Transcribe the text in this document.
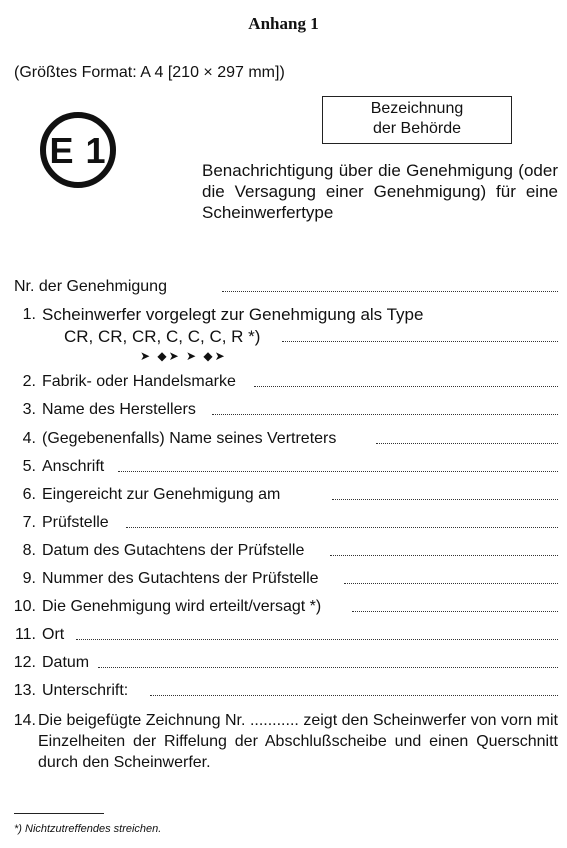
Anhang 1
(Größtes Format: A 4 [210 × 297 mm])
Bezeichnung
der Behörde
E 1	Benachrichtigung über die Genehmigung (oder die Versagung einer Genehmigung) für eine Scheinwerfertype
Nr. der Genehmigung
1. Scheinwerfer vorgelegt zur Genehmigung als Type
CR, CR, CR, C, C, C, R *)
➤ ◆➤ ➤ ◆➤
2. Fabrik- oder Handelsmarke
3. Name des Herstellers
4. (Gegebenenfalls) Name seines Vertreters
5. Anschrift
6. Eingereicht zur Genehmigung am
7. Prüfstelle
8. Datum des Gutachtens der Prüfstelle
9. Nummer des Gutachtens der Prüfstelle
10. Die Genehmigung wird erteilt/versagt *)
11. Ort
12. Datum
13. Unterschrift:
14. Die beigefügte Zeichnung Nr. ........... zeigt den Scheinwerfer von vorn mit Einzelheiten der Riffelung der Abschlußscheibe und einen Querschnitt durch den Scheinwerfer.
*) Nichtzutreffendes streichen.
